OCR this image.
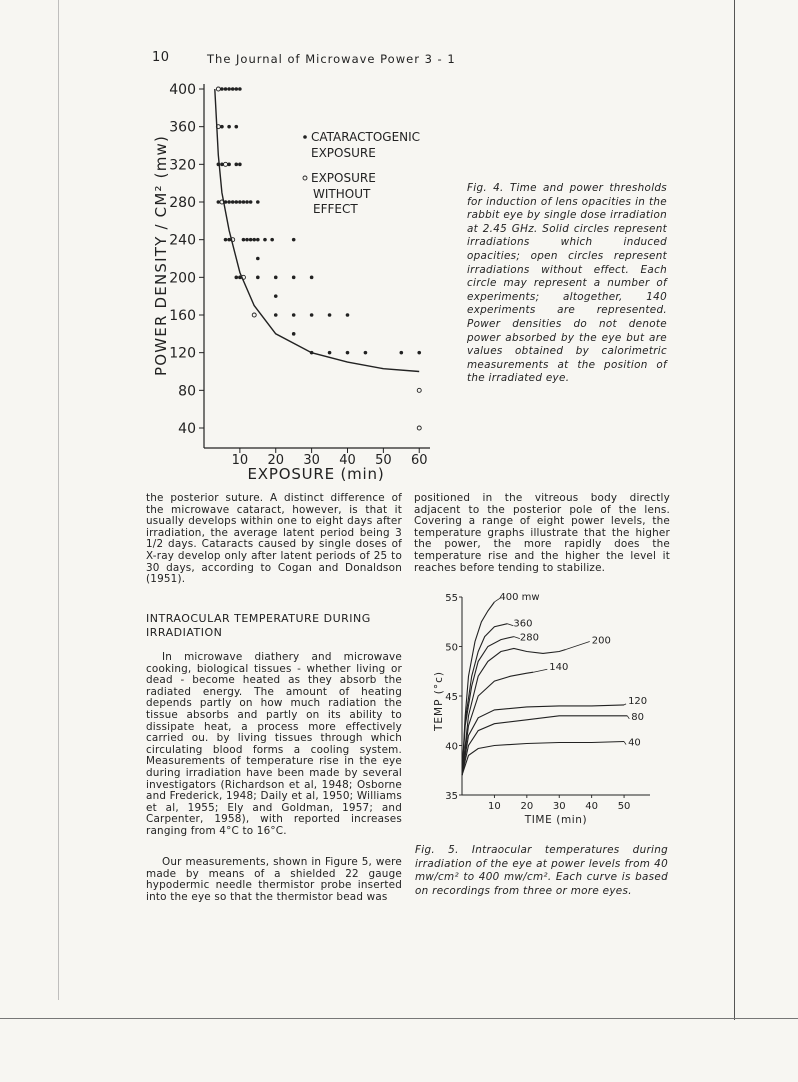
10	The Journal of Microwave Power 3 - 1
40
80
120
160
200
240
280
320
360
400
10 20 30 40 50 60
POWER DENSITY / CM² (mw)
EXPOSURE (min)
CATARACTOGENIC
EXPOSURE
EXPOSURE
WITHOUT
EFFECT
35
40
45
50
55
10 20 30 40 50
400 mw
360
280	200
140
120
80
40
TEMP (°c)
TIME (min)
Fig. 4. Time and power thresholds for induction of lens opacities in the rabbit eye by single dose irradiation at 2.45 GHz. Solid circles represent irradiations which induced opacities; open circles represent irradiations without effect. Each circle may represent a number of experiments; altogether, 140 experiments are represented. Power densities do not denote power absorbed by the eye but are values obtained by calorimetric measurements at the position of the irradiated eye.
the posterior suture. A distinct difference of the microwave cataract, however, is that it usually develops within one to eight days after irradiation, the average latent period being 3 1/2 days. Cataracts caused by single doses of X-ray develop only after latent periods of 25 to 30 days, according to Cogan and Donaldson (1951).
INTRAOCULAR TEMPERATURE DURING IRRADIATION
In microwave diathery and microwave cooking, biological tissues - whether living or dead - become heated as they absorb the radiated energy. The amount of heating depends partly on how much radiation the tissue absorbs and partly on its ability to dissipate heat, a process more effectively carried ou. by living tissues through which circulating blood forms a cooling system. Measurements of temperature rise in the eye during irradiation have been made by several investigators (Richardson et al, 1948; Osborne and Frederick, 1948; Daily et al, 1950; Williams et al, 1955; Ely and Goldman, 1957; and Carpenter, 1958), with reported increases ranging from 4°C to 16°C.
Our measurements, shown in Figure 5, were made by means of a shielded 22 gauge hypodermic needle thermistor probe inserted into the eye so that the thermistor bead was
positioned in the vitreous body directly adjacent to the posterior pole of the lens. Covering a range of eight power levels, the temperature graphs illustrate that the higher the power, the more rapidly does the temperature rise and the higher the level it reaches before tending to stabilize.
Fig. 5. Intraocular temperatures during irradiation of the eye at power levels from 40 mw/cm² to 400 mw/cm². Each curve is based on recordings from three or more eyes.
